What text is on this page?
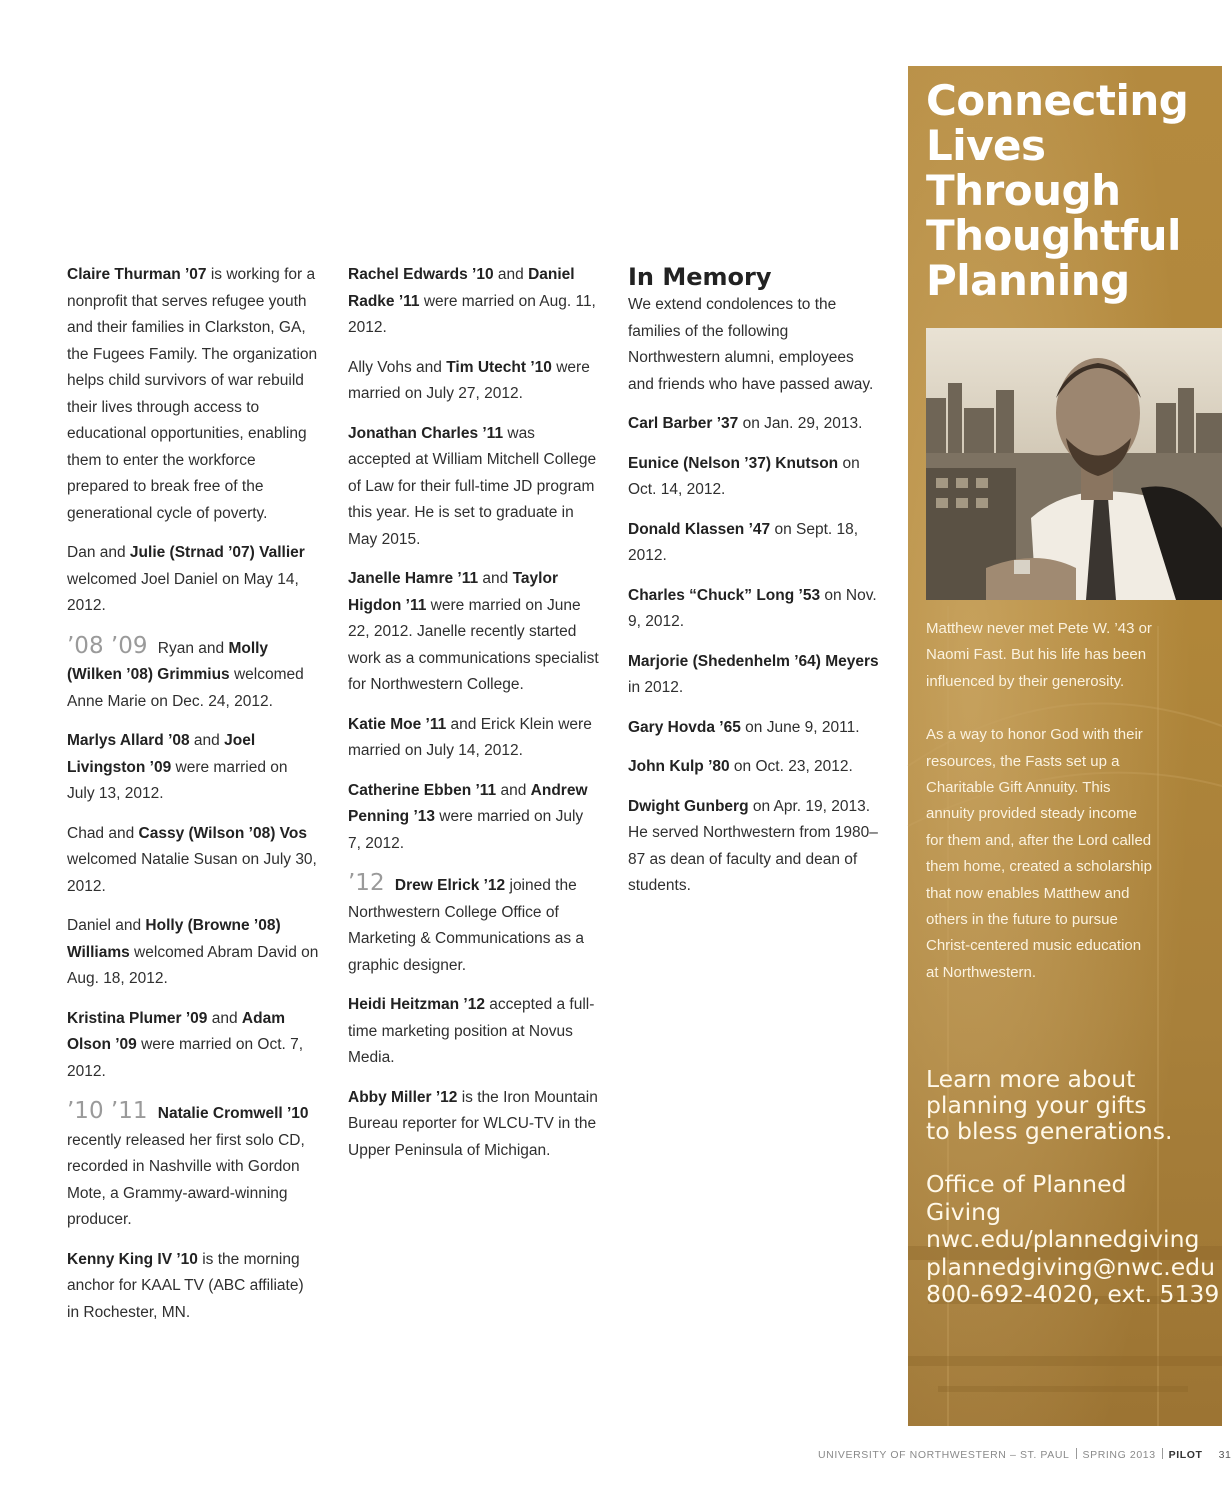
Claire Thurman ’07 is working for a nonprofit that serves refugee youth and their families in Clarkston, GA, the Fugees Family. The organization helps child survivors of war rebuild their lives through access to educational opportunities, enabling them to enter the workforce prepared to break free of the generational cycle of poverty.

Dan and Julie (Strnad ’07) Vallier welcomed Joel Daniel on May 14, 2012.

’08 ’09 Ryan and Molly (Wilken ’08) Grimmius welcomed Anne Marie on Dec. 24, 2012.

Marlys Allard ’08 and Joel Livingston ’09 were married on July 13, 2012.

Chad and Cassy (Wilson ’08) Vos welcomed Natalie Susan on July 30, 2012.

Daniel and Holly (Browne ’08) Williams welcomed Abram David on Aug. 18, 2012.

Kristina Plumer ’09 and Adam Olson ’09 were married on Oct. 7, 2012.

’10 ’11 Natalie Cromwell ’10 recently released her first solo CD, recorded in Nashville with Gordon Mote, a Grammy-award-winning producer.

Kenny King IV ’10 is the morning anchor for KAAL TV (ABC affiliate) in Rochester, MN.

Rachel Edwards ’10 and Daniel Radke ’11 were married on Aug. 11, 2012.

Ally Vohs and Tim Utecht ’10 were married on July 27, 2012.

Jonathan Charles ’11 was accepted at William Mitchell College of Law for their full-time JD program this year. He is set to graduate in May 2015.

Janelle Hamre ’11 and Taylor Higdon ’11 were married on June 22, 2012. Janelle recently started work as a communications specialist for Northwestern College.

Katie Moe ’11 and Erick Klein were married on July 14, 2012.

Catherine Ebben ’11 and Andrew Penning ’13 were married on July 7, 2012.

’12 Drew Elrick ’12 joined the Northwestern College Office of Marketing & Communications as a graphic designer.

Heidi Heitzman ’12 accepted a full-time marketing position at Novus Media.

Abby Miller ’12 is the Iron Mountain Bureau reporter for WLCU-TV in the Upper Peninsula of Michigan.

In Memory

We extend condolences to the families of the following Northwestern alumni, employees and friends who have passed away.

Carl Barber ’37 on Jan. 29, 2013.

Eunice (Nelson ’37) Knutson on Oct. 14, 2012.

Donald Klassen ’47 on Sept. 18, 2012.

Charles “Chuck” Long ’53 on Nov. 9, 2012.

Marjorie (Shedenhelm ’64) Meyers in 2012.

Gary Hovda ’65 on June 9, 2011.

John Kulp ’80 on Oct. 23, 2012.

Dwight Gunberg on Apr. 19, 2013. He served Northwestern from 1980–87 as dean of faculty and dean of students.

Connecting
Lives
Through
Thoughtful
Planning

Matthew never met Pete W. ’43 or Naomi Fast. But his life has been influenced by their generosity.

As a way to honor God with their resources, the Fasts set up a Charitable Gift Annuity. This annuity provided steady income for them and, after the Lord called them home, created a scholarship that now enables Matthew and others in the future to pursue Christ-centered music education at Northwestern.

Learn more about
planning your gifts
to bless generations.
Office of Planned
Giving
nwc.edu/plannedgiving
plannedgiving@nwc.edu
800-692-4020, ext. 5139
UNIVERSITY OF NORTHWESTERN – ST. PAUL SPRING 2013 PILOT 31
